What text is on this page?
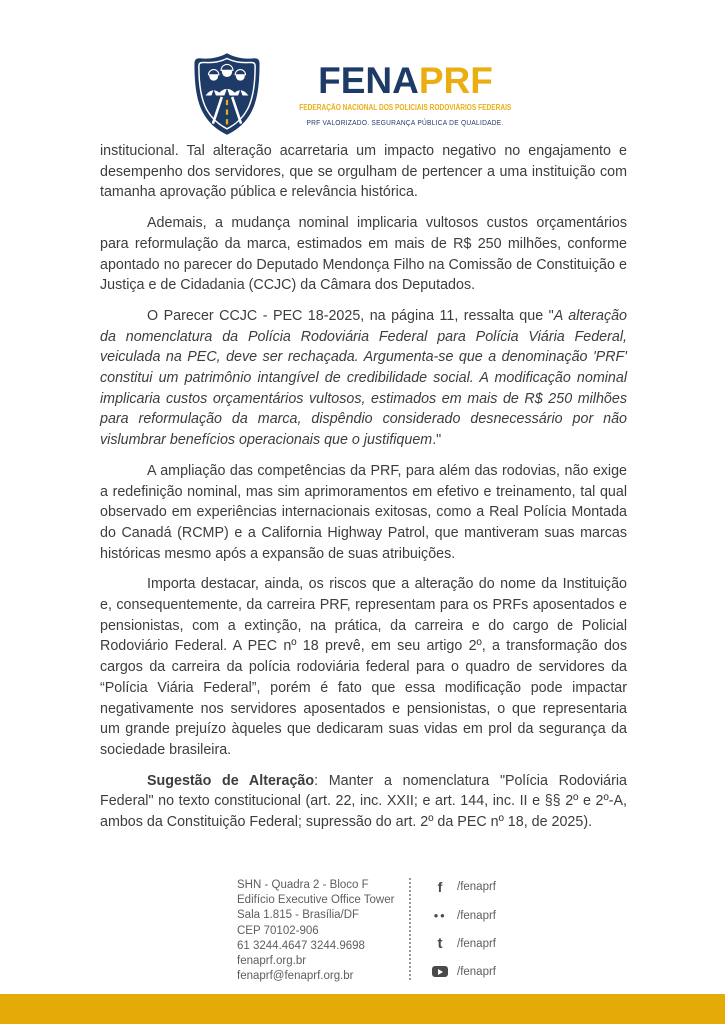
FENAPRF
FEDERAÇÃO NACIONAL DOS POLICIAIS RODOVIÁRIOS FEDERAIS
PRF VALORIZADO. SEGURANÇA PÚBLICA DE QUALIDADE.

institucional. Tal alteração acarretaria um impacto negativo no engajamento e desempenho dos servidores, que se orgulham de pertencer a uma instituição com tamanha aprovação pública e relevância histórica.

Ademais, a mudança nominal implicaria vultosos custos orçamentários para reformulação da marca, estimados em mais de R$ 250 milhões, conforme apontado no parecer do Deputado Mendonça Filho na Comissão de Constituição e Justiça e de Cidadania (CCJC) da Câmara dos Deputados.

O Parecer CCJC - PEC 18-2025, na página 11, ressalta que "A alteração da nomenclatura da Polícia Rodoviária Federal para Polícia Viária Federal, veiculada na PEC, deve ser rechaçada. Argumenta-se que a denominação 'PRF' constitui um patrimônio intangível de credibilidade social. A modificação nominal implicaria custos orçamentários vultosos, estimados em mais de R$ 250 milhões para reformulação da marca, dispêndio considerado desnecessário por não vislumbrar benefícios operacionais que o justifiquem."

A ampliação das competências da PRF, para além das rodovias, não exige a redefinição nominal, mas sim aprimoramentos em efetivo e treinamento, tal qual observado em experiências internacionais exitosas, como a Real Polícia Montada do Canadá (RCMP) e a California Highway Patrol, que mantiveram suas marcas históricas mesmo após a expansão de suas atribuições.

Importa destacar, ainda, os riscos que a alteração do nome da Instituição e, consequentemente, da carreira PRF, representam para os PRFs aposentados e pensionistas, com a extinção, na prática, da carreira e do cargo de Policial Rodoviário Federal. A PEC nº 18 prevê, em seu artigo 2º, a transformação dos cargos da carreira da polícia rodoviária federal para o quadro de servidores da “Polícia Viária Federal”, porém é fato que essa modificação pode impactar negativamente nos servidores aposentados e pensionistas, o que representaria um grande prejuízo àqueles que dedicaram suas vidas em prol da segurança da sociedade brasileira.

Sugestão de Alteração: Manter a nomenclatura "Polícia Rodoviária Federal" no texto constitucional (art. 22, inc. XXII; e art. 144, inc. II e §§ 2º e 2º-A, ambos da Constituição Federal; supressão do art. 2º da PEC nº 18, de 2025).

SHN - Quadra 2 - Bloco F
Edifício Executive Office Tower
Sala 1.815 - Brasília/DF
CEP 70102-906
61 3244.4647 3244.9698
fenaprf.org.br
fenaprf@fenaprf.org.br
f	/fenaprf
●● /fenaprf
t	/fenaprf
/fenaprf
